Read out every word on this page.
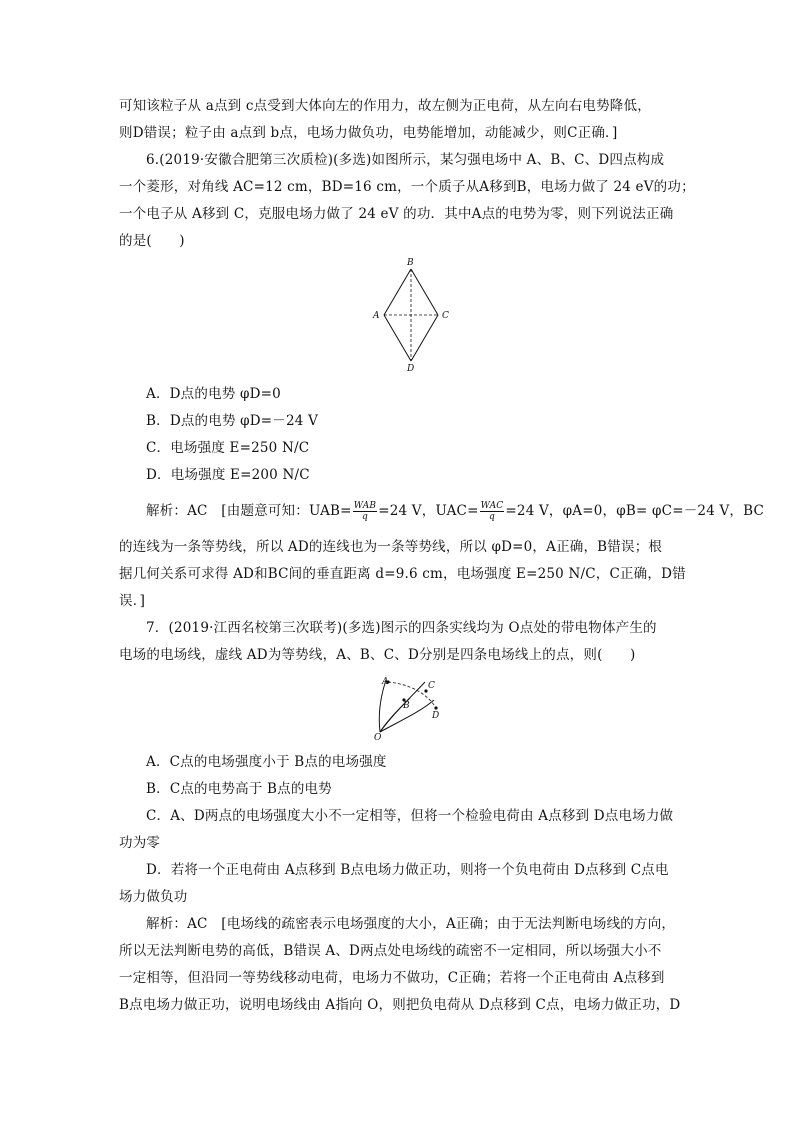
可知该粒子从 a点到 c点受到大体向左的作用力，故左侧为正电荷，从左向右电势降低，
则D错误；粒子由 a点到 b点，电场力做负功，电势能增加，动能减少，则C正确．]
6.(2019·安徽合肥第三次质检)(多选)如图所示，某匀强电场中 A、B、C、D四点构成
一个菱形，对角线 AC=12 cm，BD=16 cm，一个质子从A移到B，电场力做了 24 eV的功；
一个电子从 A移到 C，克服电场力做了 24 eV 的功．其中A点的电势为零，则下列说法正确
的是(　　)
B
A	C
D
A．D点的电势 φD=0
B．D点的电势 φD=－24 V
C．电场强度 E=250 N/C
D．电场强度 E=200 N/C
解析：AC　[由题意可知：$UAB= \frac{\text{WAB}}{q} =24$ V，$UAC= \frac{\text{WAC}}{q} =24$ V，φA=0，φB= φC=－24 V，BC
的连线为一条等势线，所以 AD的连线也为一条等势线，所以 φD=0，A正确，B错误；根
据几何关系可求得 AD和BC间的垂直距离 d=9.6 cm，电场强度 E=250 N/C，C正确，D错
误．]
7．(2019·江西名校第三次联考)(多选)图示的四条实线均为 O点处的带电物体产生的
电场的电场线，虚线 AD为等势线，A、B、C、D分别是四条电场线上的点，则(　　)
A
B
C
D
O
A．C点的电场强度小于 B点的电场强度
B．C点的电势高于 B点的电势
C．A、D两点的电场强度大小不一定相等，但将一个检验电荷由 A点移到 D点电场力做
功为零
D．若将一个正电荷由 A点移到 B点电场力做正功，则将一个负电荷由 D点移到 C点电
场力做负功
解析：AC　[电场线的疏密表示电场强度的大小，A正确；由于无法判断电场线的方向，
所以无法判断电势的高低，B错误 A、D两点处电场线的疏密不一定相同，所以场强大小不
一定相等，但沿同一等势线移动电荷，电场力不做功，C正确；若将一个正电荷由 A点移到
B点电场力做正功，说明电场线由 A指向 O，则把负电荷从 D点移到 C点，电场力做正功，D
